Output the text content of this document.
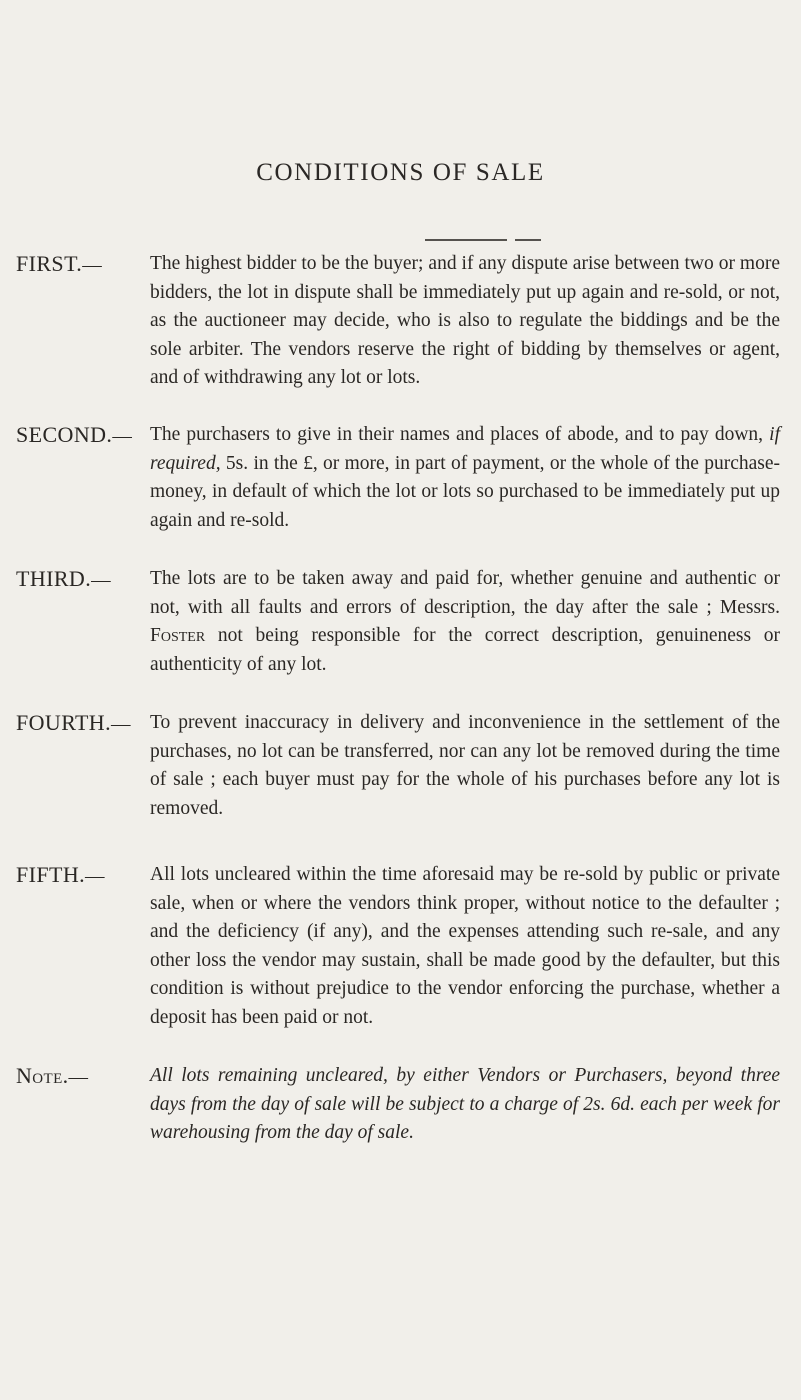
CONDITIONS OF SALE
FIRST.— The highest bidder to be the buyer; and if any dispute arise between two or more bidders, the lot in dispute shall be immediately put up again and re-sold, or not, as the auctioneer may decide, who is also to regulate the biddings and be the sole arbiter. The vendors reserve the right of bidding by themselves or agent, and of withdrawing any lot or lots.
SECOND.— The purchasers to give in their names and places of abode, and to pay down, if required, 5s. in the £, or more, in part of payment, or the whole of the purchase-money, in default of which the lot or lots so purchased to be immediately put up again and re-sold.
THIRD.— The lots are to be taken away and paid for, whether genuine and authentic or not, with all faults and errors of description, the day after the sale ; Messrs. Foster not being responsible for the correct description, genuineness or authenticity of any lot.
FOURTH.— To prevent inaccuracy in delivery and inconvenience in the settlement of the purchases, no lot can be transferred, nor can any lot be removed during the time of sale ; each buyer must pay for the whole of his purchases before any lot is removed.
FIFTH.— All lots uncleared within the time aforesaid may be re-sold by public or private sale, when or where the vendors think proper, without notice to the defaulter ; and the deficiency (if any), and the expenses attending such re-sale, and any other loss the vendor may sustain, shall be made good by the defaulter, but this condition is without prejudice to the vendor enforcing the purchase, whether a deposit has been paid or not.
Note.—	All lots remaining uncleared, by either Vendors or Purchasers, beyond three days from the day of sale will be subject to a charge of 2s. 6d. each per week for warehousing from the day of sale.
